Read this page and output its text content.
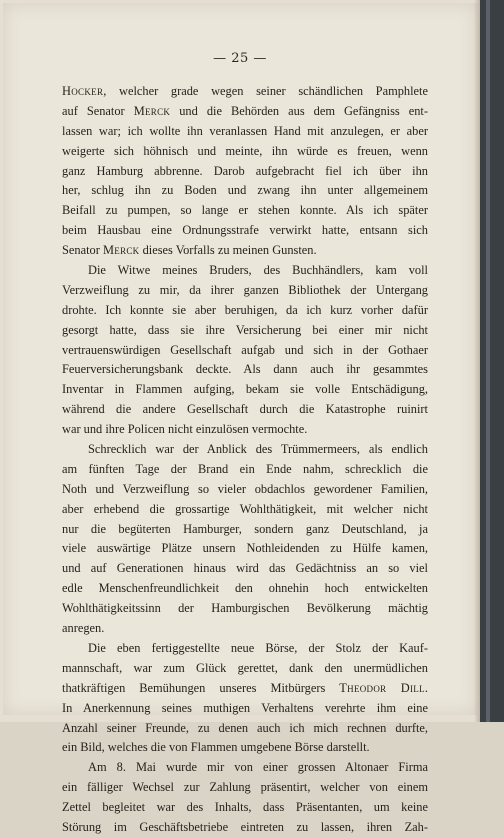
— 25 —
Hocker, welcher grade wegen seiner schändlichen Pamphlete
auf Senator Merck und die Behörden aus dem Gefängniss ent-
lassen war; ich wollte ihn veranlassen Hand mit anzulegen, er aber
weigerte sich höhnisch und meinte, ihn würde es freuen, wenn
ganz Hamburg abbrenne. Darob aufgebracht fiel ich über ihn
her, schlug ihn zu Boden und zwang ihn unter allgemeinem
Beifall zu pumpen, so lange er stehen konnte. Als ich später
beim Hausbau eine Ordnungsstrafe verwirkt hatte, entsann sich
Senator Merck dieses Vorfalls zu meinen Gunsten.
Die Witwe meines Bruders, des Buchhändlers, kam voll
Verzweiflung zu mir, da ihrer ganzen Bibliothek der Untergang
drohte. Ich konnte sie aber beruhigen, da ich kurz vorher dafür
gesorgt hatte, dass sie ihre Versicherung bei einer mir nicht
vertrauenswürdigen Gesellschaft aufgab und sich in der Gothaer
Feuerversicherungsbank deckte. Als dann auch ihr gesammtes
Inventar in Flammen aufging, bekam sie volle Entschädigung,
während die andere Gesellschaft durch die Katastrophe ruinirt
war und ihre Policen nicht einzulösen vermochte.
Schrecklich war der Anblick des Trümmermeers, als endlich
am fünften Tage der Brand ein Ende nahm, schrecklich die
Noth und Verzweiflung so vieler obdachlos gewordener Familien,
aber erhebend die grossartige Wohlthätigkeit, mit welcher nicht
nur die begüterten Hamburger, sondern ganz Deutschland, ja
viele auswärtige Plätze unsern Nothleidenden zu Hülfe kamen,
und auf Generationen hinaus wird das Gedächtniss an so viel
edle Menschenfreundlichkeit den ohnehin hoch entwickelten
Wohlthätigkeitssinn der Hamburgischen Bevölkerung mächtig
anregen.
Die eben fertiggestellte neue Börse, der Stolz der Kauf-
mannschaft, war zum Glück gerettet, dank den unermüdlichen
thatkräftigen Bemühungen unseres Mitbürgers Theodor Dill.
In Anerkennung seines muthigen Verhaltens verehrte ihm eine
Anzahl seiner Freunde, zu denen auch ich mich rechnen durfte,
ein Bild, welches die von Flammen umgebene Börse darstellt.
Am 8. Mai wurde mir von einer grossen Altonaer Firma
ein fälliger Wechsel zur Zahlung präsentirt, welcher von einem
Zettel begleitet war des Inhalts, dass Präsentanten, um keine
Störung im Geschäftsbetriebe eintreten zu lassen, ihren Zah-
